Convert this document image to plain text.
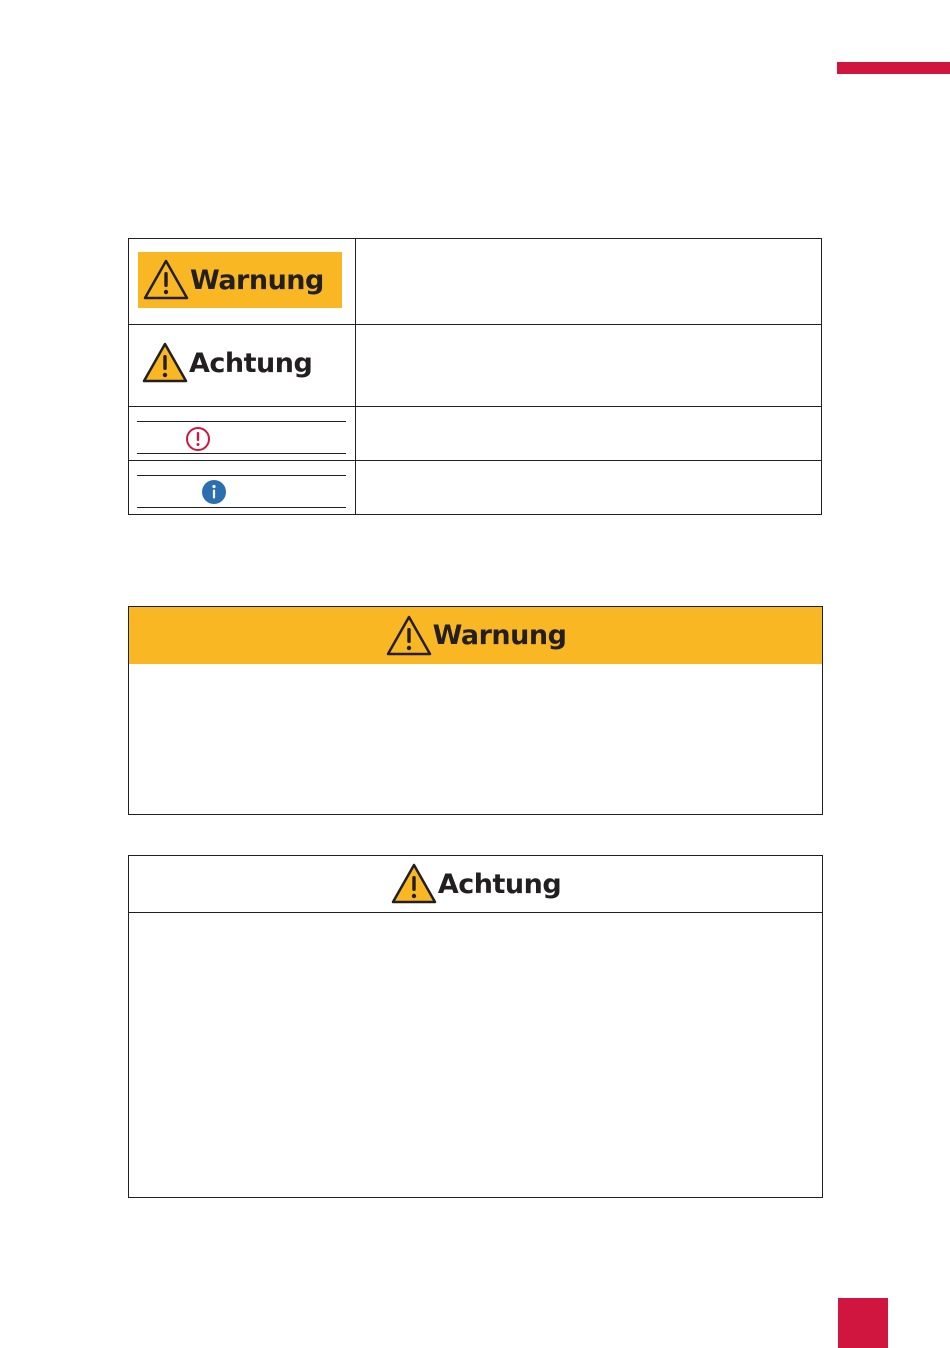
Warnung
Achtung
Warnung
Achtung
